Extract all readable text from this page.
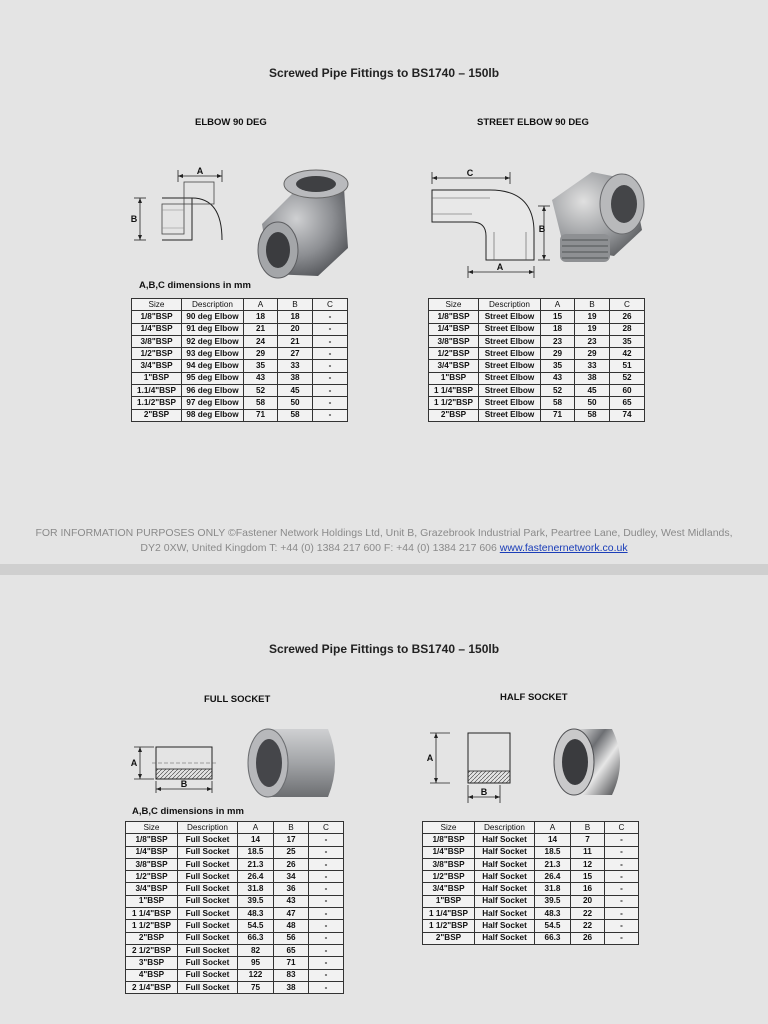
Screwed Pipe Fittings to BS1740 – 150lb
ELBOW 90 DEG	STREET ELBOW 90 DEG
A
B
C
B
A
A,B,C dimensions in mm
Size	Description	A	B	C
1/8"BSP	90 deg Elbow	18	18	-
1/4"BSP	91 deg Elbow	21	20	-
3/8"BSP	92 deg Elbow	24	21	-
1/2"BSP	93 deg Elbow	29	27	-
3/4"BSP	94 deg Elbow	35	33	-
1"BSP	95 deg Elbow	43	38	-
1.1/4"BSP	96 deg Elbow	52	45	-
1.1/2"BSP	97 deg Elbow	58	50	-
2"BSP	98 deg Elbow	71	58	-
Size	Description	A	B	C
1/8"BSP	Street Elbow	15	19	26
1/4"BSP	Street Elbow	18	19	28
3/8"BSP	Street Elbow	23	23	35
1/2"BSP	Street Elbow	29	29	42
3/4"BSP	Street Elbow	35	33	51
1"BSP	Street Elbow	43	38	52
1 1/4"BSP	Street Elbow	52	45	60
1 1/2"BSP	Street Elbow	58	50	65
2"BSP	Street Elbow	71	58	74
FOR INFORMATION PURPOSES ONLY ©Fastener Network Holdings Ltd, Unit B, Grazebrook Industrial Park, Peartree Lane, Dudley, West Midlands,
DY2 0XW, United Kingdom T: +44 (0) 1384 217 600 F: +44 (0) 1384 217 606 www.fastenernetwork.co.uk
Screwed Pipe Fittings to BS1740 – 150lb
FULL SOCKET	HALF SOCKET
A
B
A
B
A,B,C dimensions in mm
Size	Description	A	B	C
1/8"BSP	Full Socket	14	17	-
1/4"BSP	Full Socket	18.5	25	-
3/8"BSP	Full Socket	21.3	26	-
1/2"BSP	Full Socket	26.4	34	-
3/4"BSP	Full Socket	31.8	36	-
1"BSP	Full Socket	39.5	43	-
1 1/4"BSP	Full Socket	48.3	47	-
1 1/2"BSP	Full Socket	54.5	48	-
2"BSP	Full Socket	66.3	56	-
2 1/2"BSP	Full Socket	82	65	-
3"BSP	Full Socket	95	71	-
4"BSP	Full Socket	122	83	-
2 1/4"BSP	Full Socket	75	38	-
Size	Description	A	B	C
1/8"BSP	Half Socket	14	7	-
1/4"BSP	Half Socket	18.5	11	-
3/8"BSP	Half Socket	21.3	12	-
1/2"BSP	Half Socket	26.4	15	-
3/4"BSP	Half Socket	31.8	16	-
1"BSP	Half Socket	39.5	20	-
1 1/4"BSP	Half Socket	48.3	22	-
1 1/2"BSP	Half Socket	54.5	22	-
2"BSP	Half Socket	66.3	26	-
